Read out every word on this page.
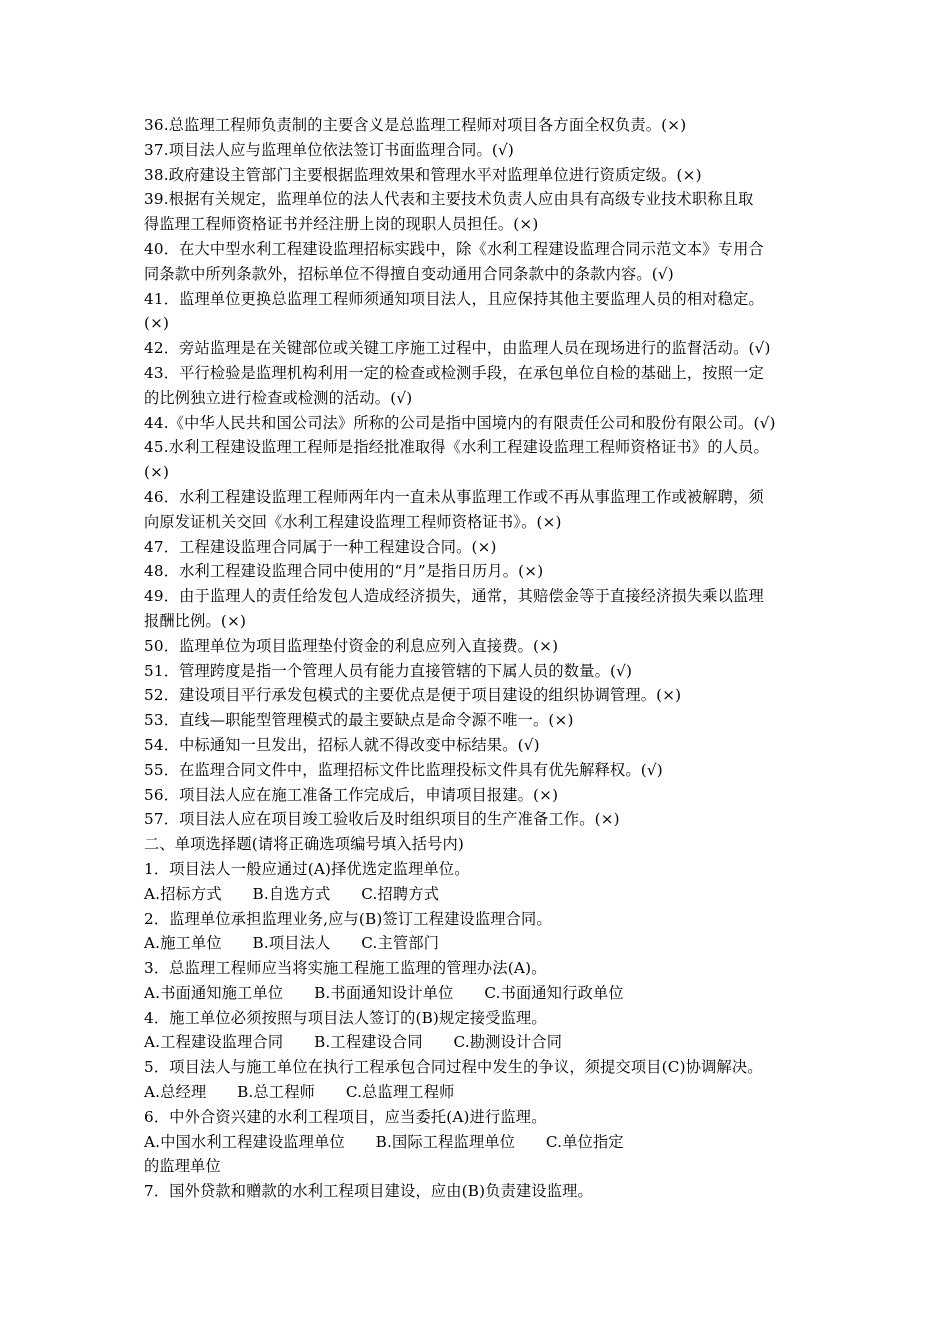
36.总监理工程师负责制的主要含义是总监理工程师对项目各方面全权负责。(×)
37.项目法人应与监理单位依法签订书面监理合同。(√)
38.政府建设主管部门主要根据监理效果和管理水平对监理单位进行资质定级。(×)
39.根据有关规定，监理单位的法人代表和主要技术负责人应由具有高级专业技术职称且取
得监理工程师资格证书并经注册上岗的现职人员担任。(×)
40．在大中型水利工程建设监理招标实践中，除《水利工程建设监理合同示范文本》专用合
同条款中所列条款外，招标单位不得擅自变动通用合同条款中的条款内容。(√)
41．监理单位更换总监理工程师须通知项目法人，且应保持其他主要监理人员的相对稳定。
(×)
42．旁站监理是在关键部位或关键工序施工过程中，由监理人员在现场进行的监督活动。(√)
43．平行检验是监理机构利用一定的检查或检测手段，在承包单位自检的基础上，按照一定
的比例独立进行检查或检测的活动。(√)
44.《中华人民共和国公司法》所称的公司是指中国境内的有限责任公司和股份有限公司。(√)
45.水利工程建设监理工程师是指经批准取得《水利工程建设监理工程师资格证书》的人员。
(×)
46．水利工程建设监理工程师两年内一直未从事监理工作或不再从事监理工作或被解聘，须
向原发证机关交回《水利工程建设监理工程师资格证书》。(×)
47．工程建设监理合同属于一种工程建设合同。(×)
48．水利工程建设监理合同中使用的“月”是指日历月。(×)
49．由于监理人的责任给发包人造成经济损失，通常，其赔偿金等于直接经济损失乘以监理
报酬比例。(×)
50．监理单位为项目监理垫付资金的利息应列入直接费。(×)
51．管理跨度是指一个管理人员有能力直接管辖的下属人员的数量。(√)
52．建设项目平行承发包模式的主要优点是便于项目建设的组织协调管理。(×)
53．直线—职能型管理模式的最主要缺点是命令源不唯一。(×)
54．中标通知一旦发出，招标人就不得改变中标结果。(√)
55．在监理合同文件中，监理招标文件比监理投标文件具有优先解释权。(√)
56．项目法人应在施工准备工作完成后，申请项目报建。(×)
57．项目法人应在项目竣工验收后及时组织项目的生产准备工作。(×)
二、单项选择题(请将正确选项编号填入括号内)
1．项目法人一般应通过(A)择优选定监理单位。
A.招标方式　　B.自选方式　　C.招聘方式
2．监理单位承担监理业务,应与(B)签订工程建设监理合同。
A.施工单位　　B.项目法人　　C.主管部门
3．总监理工程师应当将实施工程施工监理的管理办法(A)。
A.书面通知施工单位　　B.书面通知设计单位　　C.书面通知行政单位
4．施工单位必须按照与项目法人签订的(B)规定接受监理。
A.工程建设监理合同　　B.工程建设合同　　C.勘测设计合同
5．项目法人与施工单位在执行工程承包合同过程中发生的争议，须提交项目(C)协调解决。
A.总经理　　B.总工程师　　C.总监理工程师
6．中外合资兴建的水利工程项目，应当委托(A)进行监理。
A.中国水利工程建设监理单位　　B.国际工程监理单位　　C.单位指定
的监理单位
7．国外贷款和赠款的水利工程项目建设，应由(B)负责建设监理。
